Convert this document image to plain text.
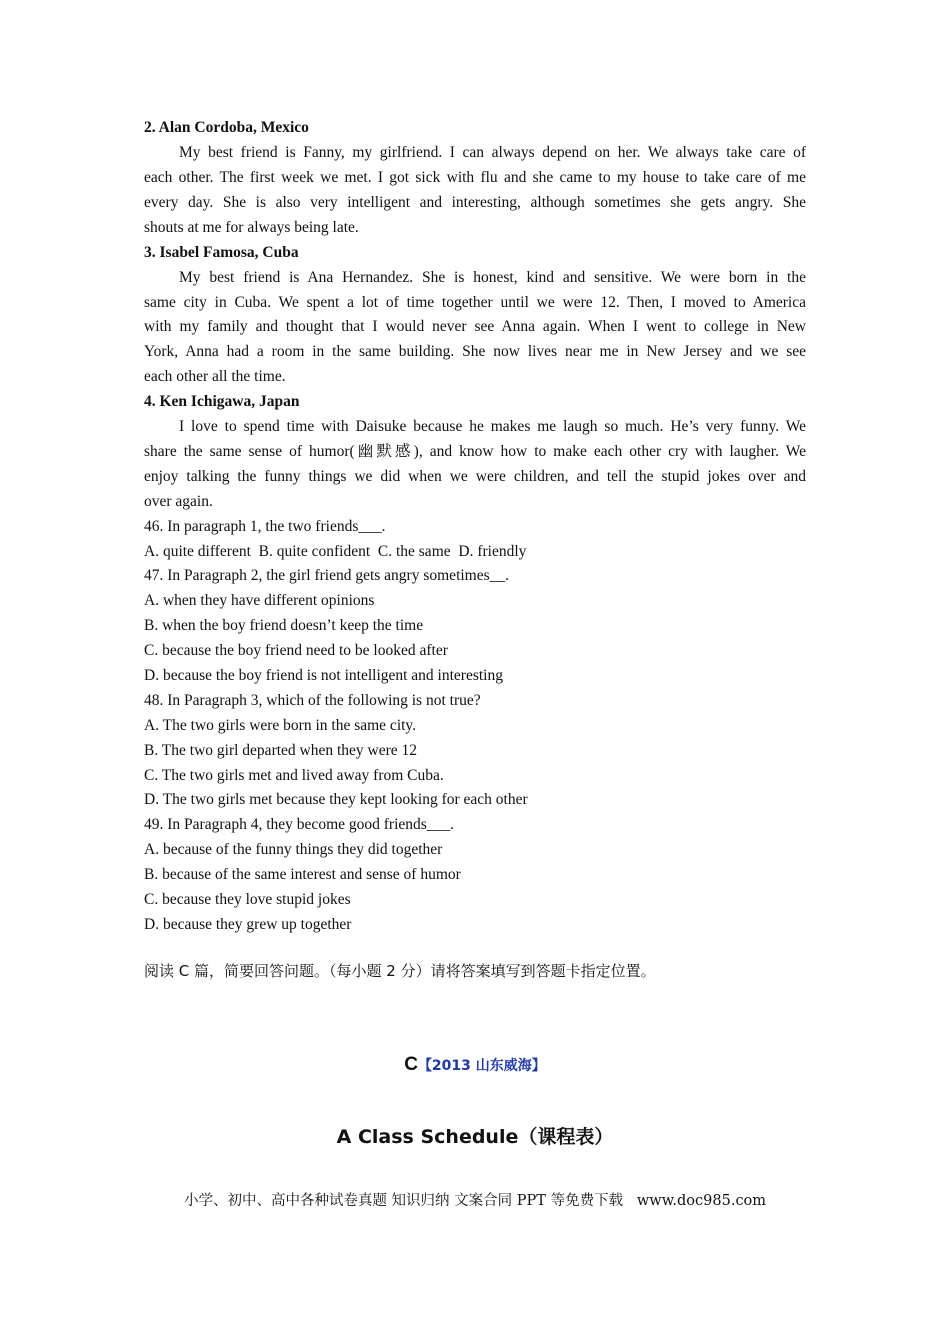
2. Alan Cordoba, Mexico
My best friend is Fanny, my girlfriend. I can always depend on her. We always take care of
each other. The first week we met. I got sick with flu and she came to my house to take care of me
every day. She is also very intelligent and interesting, although sometimes she gets angry. She
shouts at me for always being late.
3. Isabel Famosa, Cuba
My best friend is Ana Hernandez. She is honest, kind and sensitive. We were born in the
same city in Cuba. We spent a lot of time together until we were 12. Then, I moved to America
with my family and thought that I would never see Anna again. When I went to college in New
York, Anna had a room in the same building. She now lives near me in New Jersey and we see
each other all the time.
4. Ken Ichigawa, Japan
I love to spend time with Daisuke because he makes me laugh so much. He’s very funny. We
share the same sense of humor(幽默感), and know how to make each other cry with laugher. We
enjoy talking the funny things we did when we were children, and tell the stupid jokes over and
over again.
46. In paragraph 1, the two friends___.
A. quite different  B. quite confident  C. the same  D. friendly
47. In Paragraph 2, the girl friend gets angry sometimes__.
A. when they have different opinions
B. when the boy friend doesn’t keep the time
C. because the boy friend need to be looked after
D. because the boy friend is not intelligent and interesting
48. In Paragraph 3, which of the following is not true?
A. The two girls were born in the same city.
B. The two girl departed when they were 12
C. The two girls met and lived away from Cuba.
D. The two girls met because they kept looking for each other
49. In Paragraph 4, they become good friends___.
A. because of the funny things they did together
B. because of the same interest and sense of humor
C. because they love stupid jokes
D. because they grew up together
阅读 C 篇，简要回答问题。（每小题 2 分）请将答案填写到答题卡指定位置。
C【2013 山东威海】
A Class Schedule（课程表）
小学、初中、高中各种试卷真题 知识归纳 文案合同 PPT 等免费下载   www.doc985.com
